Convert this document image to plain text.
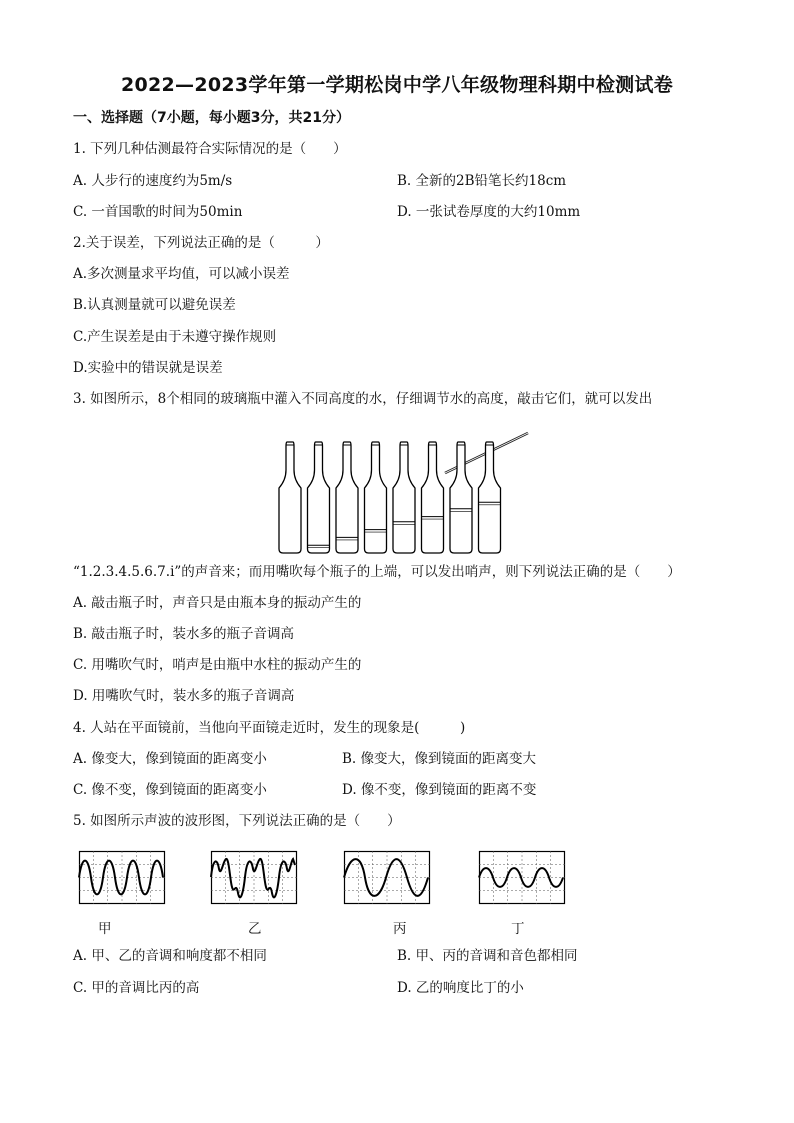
2022—2023学年第一学期松岗中学八年级物理科期中检测试卷
一、选择题（7小题，每小题3分，共21分）
1. 下列几种估测最符合实际情况的是（　　）
A. 人步行的速度约为5m/s	B. 全新的2B铅笔长约18cm
C. 一首国歌的时间为50min	D. 一张试卷厚度的大约10mm
2.关于误差，下列说法正确的是（　　　）
A.多次测量求平均值，可以减小误差
B.认真测量就可以避免误差
C.产生误差是由于未遵守操作规则
D.实验中的错误就是误差
3. 如图所示，8个相同的玻璃瓶中灌入不同高度的水，仔细调节水的高度，敲击它们，就可以发出
“1.2.3.4.5.6.7.i”的声音来；而用嘴吹每个瓶子的上端，可以发出哨声，则下列说法正确的是（　　）
A. 敲击瓶子时，声音只是由瓶本身的振动产生的
B. 敲击瓶子时，装水多的瓶子音调高
C. 用嘴吹气时，哨声是由瓶中水柱的振动产生的
D. 用嘴吹气时，装水多的瓶子音调高
4. 人站在平面镜前，当他向平面镜走近时，发生的现象是(　　　)
A. 像变大，像到镜面的距离变小	B. 像变大，像到镜面的距离变大
C. 像不变，像到镜面的距离变小	D. 像不变，像到镜面的距离不变
5. 如图所示声波的波形图，下列说法正确的是（　　）
甲	乙	丙	丁
A. 甲、乙的音调和响度都不相同	B. 甲、丙的音调和音色都相同
C. 甲的音调比丙的高	D. 乙的响度比丁的小
